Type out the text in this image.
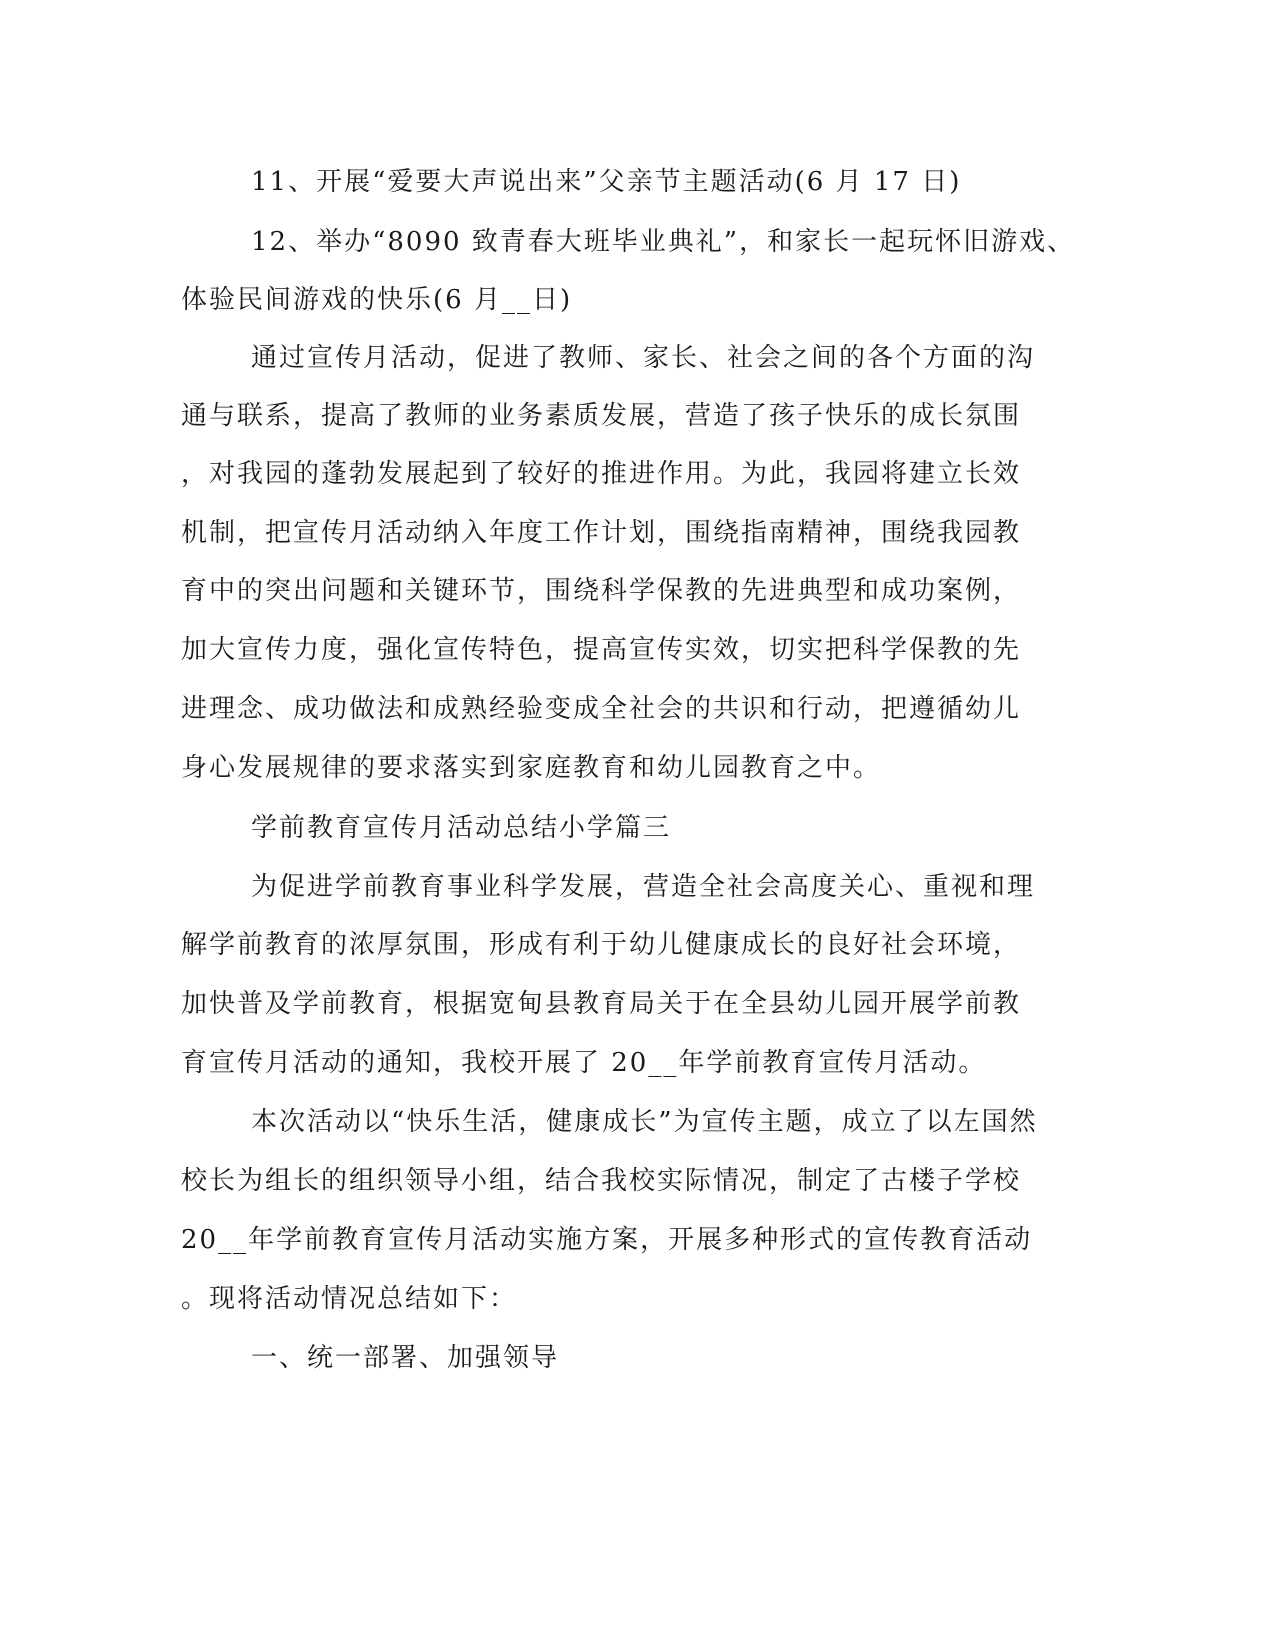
11、开展“爱要大声说出来”父亲节主题活动(6 月 17 日)
12、举办“8090 致青春大班毕业典礼”，和家长一起玩怀旧游戏、
体验民间游戏的快乐(6 月__日)
通过宣传月活动，促进了教师、家长、社会之间的各个方面的沟
通与联系，提高了教师的业务素质发展，营造了孩子快乐的成长氛围
，对我园的蓬勃发展起到了较好的推进作用。为此，我园将建立长效
机制，把宣传月活动纳入年度工作计划，围绕指南精神，围绕我园教
育中的突出问题和关键环节，围绕科学保教的先进典型和成功案例，
加大宣传力度，强化宣传特色，提高宣传实效，切实把科学保教的先
进理念、成功做法和成熟经验变成全社会的共识和行动，把遵循幼儿
身心发展规律的要求落实到家庭教育和幼儿园教育之中。
学前教育宣传月活动总结小学篇三
为促进学前教育事业科学发展，营造全社会高度关心、重视和理
解学前教育的浓厚氛围，形成有利于幼儿健康成长的良好社会环境，
加快普及学前教育，根据宽甸县教育局关于在全县幼儿园开展学前教
育宣传月活动的通知，我校开展了 20__年学前教育宣传月活动。
本次活动以“快乐生活，健康成长”为宣传主题，成立了以左国然
校长为组长的组织领导小组，结合我校实际情况，制定了古楼子学校
20__年学前教育宣传月活动实施方案，开展多种形式的宣传教育活动
。现将活动情况总结如下：
一、统一部署、加强领导
